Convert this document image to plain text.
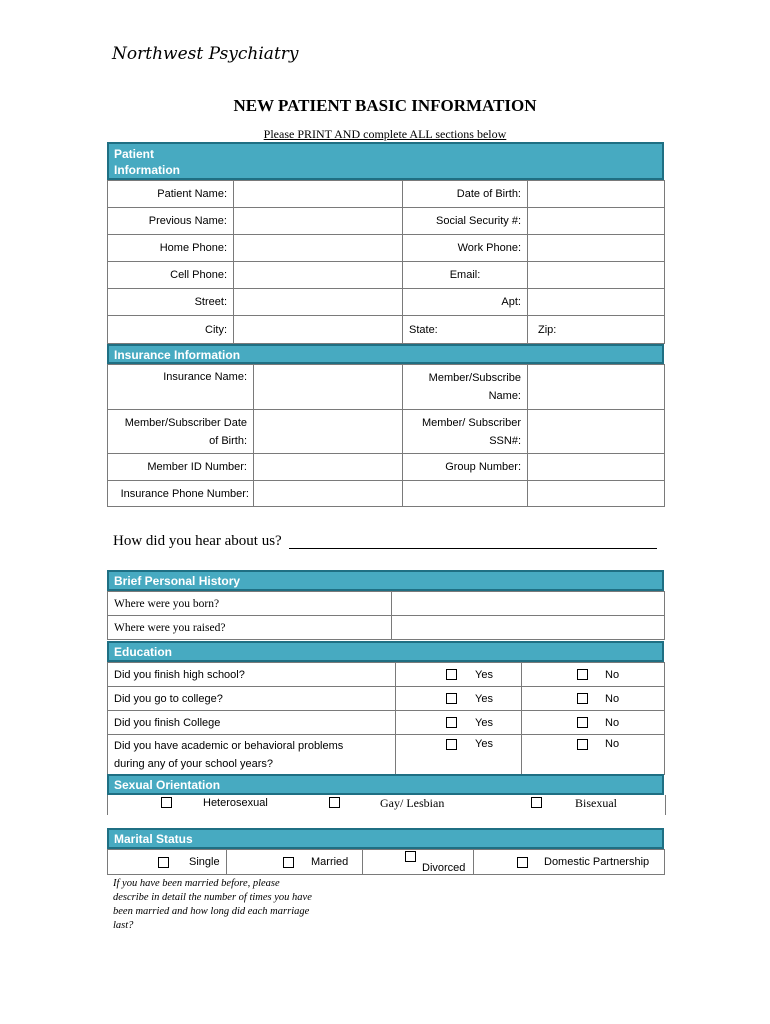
Northwest Psychiatry
NEW PATIENT BASIC INFORMATION
Please PRINT AND complete ALL sections below
Patient Information
Patient Name:		Date of Birth:	
Previous Name:		Social Security #:	
Home Phone:		Work Phone:	
Cell Phone:		Email:	
Street:		Apt:	
City:		State:	Zip:
Insurance Information
Insurance Name:		Member/Subscribe Name:	
Member/Subscriber Date of Birth:		Member/ Subscriber SSN#:	
Member ID Number:		Group Number:	
Insurance Phone Number:			
How did you hear about us?
Brief Personal History
Where were you born?	
Where were you raised?	
Education
Did you finish high school?	Yes	No
Did you go to college?	Yes	No
Did you finish College	Yes	No
Did you have academic or behavioral problems during any of your school years?	Yes	No
Sexual Orientation
Heterosexual	Gay/ Lesbian	Bisexual
Marital Status
Single	Married	Divorced	Domestic Partnership
If you have been married before, please describe in detail the number of times you have been married and how long did each marriage last?
